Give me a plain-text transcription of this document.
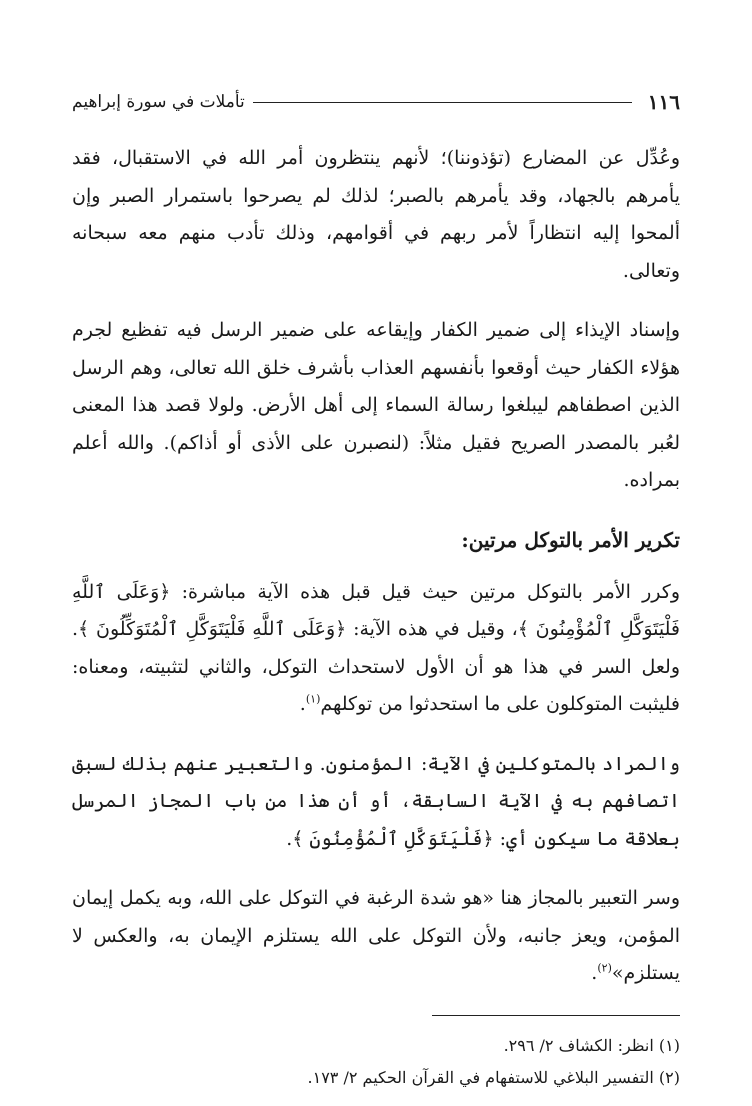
١١٦
تأملات في سورة إبراهيم

وعُدِّل عن المضارع (تؤذوننا)؛ لأنهم ينتظرون أمر الله في الاستقبال، فقد يأمرهم بالجهاد، وقد يأمرهم بالصبر؛ لذلك لم يصرحوا باستمرار الصبر وإن ألمحوا إليه انتظاراً لأمر ربهم في أقوامهم، وذلك تأدب منهم معه سبحانه وتعالى.

وإسناد الإيذاء إلى ضمير الكفار وإيقاعه على ضمير الرسل فيه تفظيع لجرم هؤلاء الكفار حيث أوقعوا بأنفسهم العذاب بأشرف خلق الله تعالى، وهم الرسل الذين اصطفاهم ليبلغوا رسالة السماء إلى أهل الأرض. ولولا قصد هذا المعنى لعُبر بالمصدر الصريح فقيل مثلاً: (لنصبرن على الأذى أو أذاكم). والله أعلم بمراده.

تكرير الأمر بالتوكل مرتين:

وكرر الأمر بالتوكل مرتين حيث قيل قبل هذه الآية مباشرة: ﴿وَعَلَى ٱللَّهِ فَلْيَتَوَكَّلِ ٱلْمُؤْمِنُونَ ﴾، وقيل في هذه الآية: ﴿وَعَلَى ٱللَّهِ فَلْيَتَوَكَّلِ ٱلْمُتَوَكِّلُونَ ﴾. ولعل السر في هذا هو أن الأول لاستحداث التوكل، والثاني لتثبيته، ومعناه: فليثبت المتوكلون على ما استحدثوا من توكلهم$^{(١)}$.

والمراد بالمتوكلين في الآية: المؤمنون. والتعبير عنهم بذلك لسبق اتصافهم به في الآية السابقة، أو أن هذا من باب المجاز المرسل بعلاقة ما سيكون أي: ﴿فَلْيَتَوَكَّلِ ٱلْمُؤْمِنُونَ ﴾.

وسر التعبير بالمجاز هنا «هو شدة الرغبة في التوكل على الله، وبه يكمل إيمان المؤمن، ويعز جانبه، ولأن التوكل على الله يستلزم الإيمان به، والعكس لا يستلزم»$^{(٢)}$.

(١) انظر: الكشاف ٢/ ٢٩٦.

(٢) التفسير البلاغي للاستفهام في القرآن الحكيم ٢/ ١٧٣.
